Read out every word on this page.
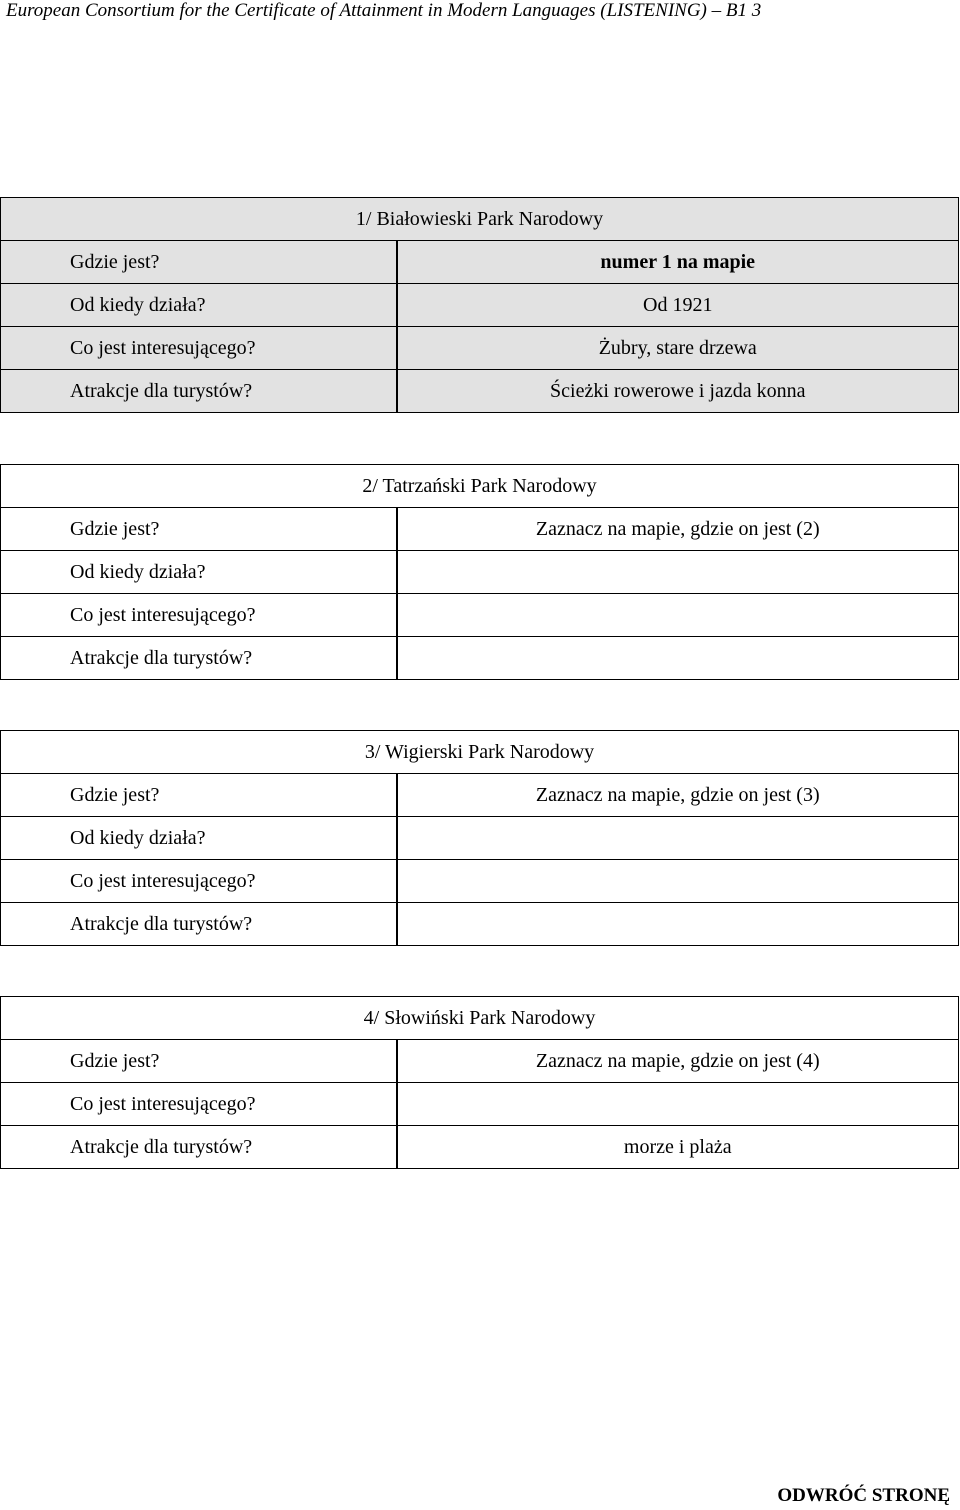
European Consortium for the Certificate of Attainment in Modern Languages (LISTENING) – B1 3
1/ Białowieski Park Narodowy	
Gdzie jest?	numer 1 na mapie
Od kiedy działa?	Od 1921
Co jest interesującego?	Żubry, stare drzewa
Atrakcje dla turystów?	Ścieżki rowerowe i jazda konna
2/ Tatrzański Park Narodowy	
Gdzie jest?	Zaznacz na mapie, gdzie on jest (2)
Od kiedy działa?	
Co jest interesującego?	
Atrakcje dla turystów?	
3/ Wigierski Park Narodowy	
Gdzie jest?	Zaznacz na mapie, gdzie on jest (3)
Od kiedy działa?	
Co jest interesującego?	
Atrakcje dla turystów?	
4/ Słowiński Park Narodowy	
Gdzie jest?	Zaznacz na mapie, gdzie on jest (4)
Co jest interesującego?	
Atrakcje dla turystów?	morze i plaża
ODWRÓĆ STRONĘ
